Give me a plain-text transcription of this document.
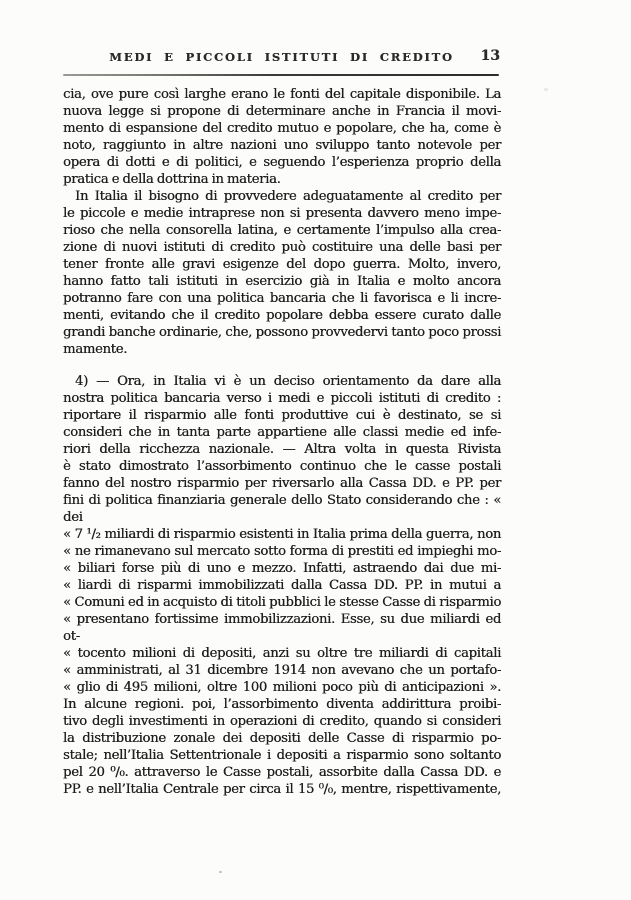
MEDI E PICCOLI ISTITUTI DI CREDITO	13
cia, ove pure così larghe erano le fonti del capitale disponibile. La
nuova legge si propone di determinare anche in Francia il movi-
mento di espansione del credito mutuo e popolare, che ha, come è
noto, raggiunto in altre nazioni uno sviluppo tanto notevole per
opera di dotti e di politici, e seguendo l’esperienza proprio della
pratica e della dottrina in materia.
In Italia il bisogno di provvedere adeguatamente al credito per
le piccole e medie intraprese non si presenta davvero meno impe-
rioso che nella consorella latina, e certamente l’impulso alla crea-
zione di nuovi istituti di credito può costituire una delle basi per
tener fronte alle gravi esigenze del dopo guerra. Molto, invero,
hanno fatto tali istituti in esercizio già in Italia e molto ancora
potranno fare con una politica bancaria che li favorisca e li incre-
menti, evitando che il credito popolare debba essere curato dalle
grandi banche ordinarie, che, possono provvedervi tanto poco prossi
mamente.
4) — Ora, in Italia vi è un deciso orientamento da dare alla
nostra politica bancaria verso i medi e piccoli istituti di credito :
riportare il risparmio alle fonti produttive cui è destinato, se si
consideri che in tanta parte appartiene alle classi medie ed infe-
riori della ricchezza nazionale. — Altra volta in questa Rivista
è stato dimostrato l’assorbimento continuo che le casse postali
fanno del nostro risparmio per riversarlo alla Cassa DD. e PP. per
fini di politica finanziaria generale dello Stato considerando che : « dei
« 7 ¹/₂ miliardi di risparmio esistenti in Italia prima della guerra, non
« ne rimanevano sul mercato sotto forma di prestiti ed impieghi mo-
« biliari forse più di uno e mezzo. Infatti, astraendo dai due mi-
« liardi di risparmi immobilizzati dalla Cassa DD. PP. in mutui a
« Comuni ed in acquisto di titoli pubblici le stesse Casse di risparmio
« presentano fortissime immobilizzazioni. Esse, su due miliardi ed ot-
« tocento milioni di depositi, anzi su oltre tre miliardi di capitali
« amministrati, al 31 dicembre 1914 non avevano che un portafo-
« glio di 495 milioni, oltre 100 milioni poco più di anticipazioni ».
In alcune regioni. poi, l’assorbimento diventa addirittura proibi-
tivo degli investimenti in operazioni di credito, quando si consideri
la distribuzione zonale dei depositi delle Casse di risparmio po-
stale; nell’Italia Settentrionale i depositi a risparmio sono soltanto
pel 20 ⁰/₀. attraverso le Casse postali, assorbite dalla Cassa DD. e
PP. e nell’Italia Centrale per circa il 15 ⁰/₀, mentre, rispettivamente,
